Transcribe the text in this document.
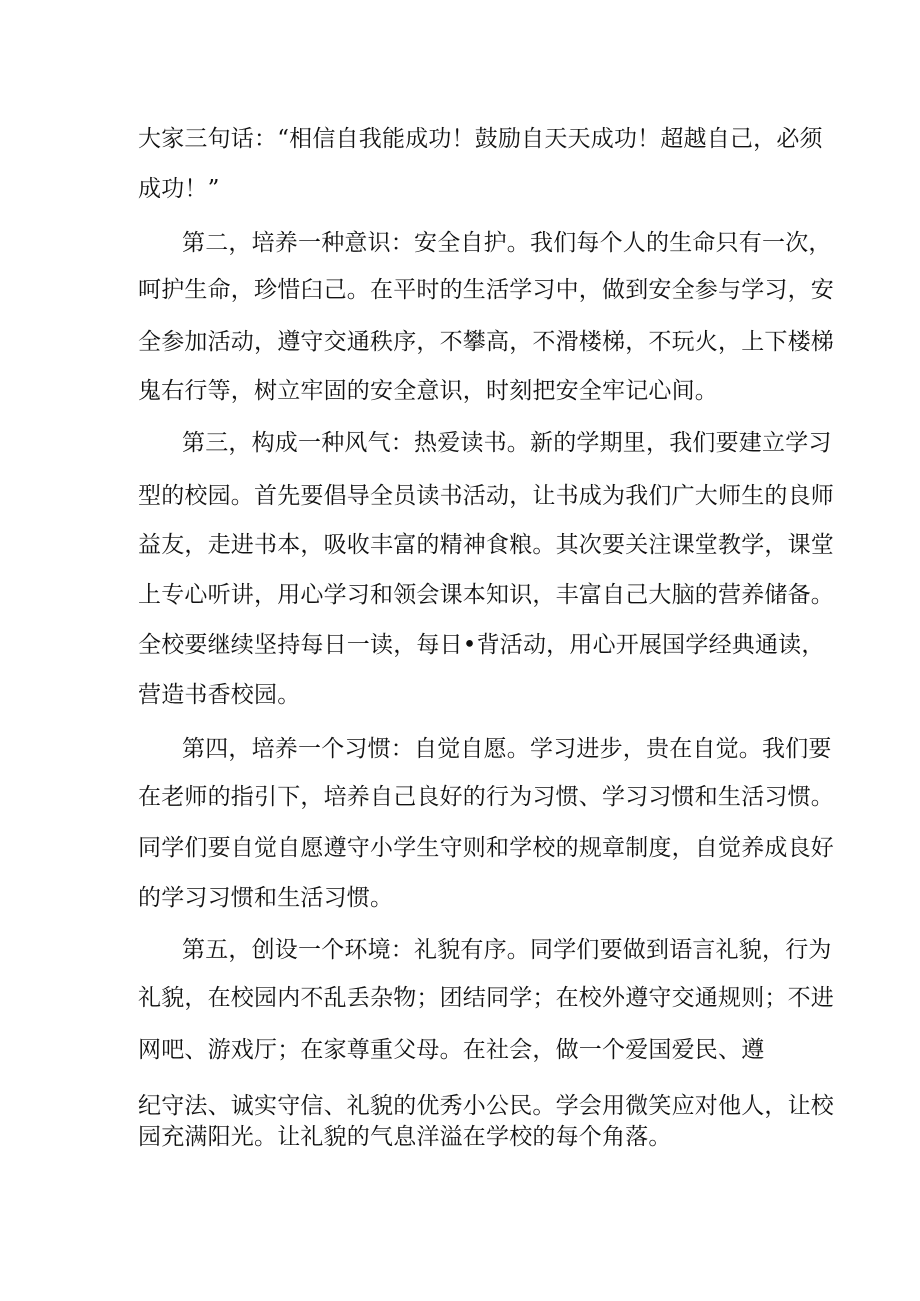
大家三句话：“相信自我能成功！鼓励自天天成功！超越自己，必须
成功！”
第二，培养一种意识：安全自护。我们每个人的生命只有一次，
呵护生命，珍惜臼己。在平时的生活学习中，做到安全参与学习，安
全参加活动，遵守交通秩序，不攀高，不滑楼梯，不玩火，上下楼梯
鬼右行等，树立牢固的安全意识，时刻把安全牢记心间。
第三，构成一种风气：热爱读书。新的学期里，我们要建立学习
型的校园。首先要倡导全员读书活动，让书成为我们广大师生的良师
益友，走进书本，吸收丰富的精神食粮。其次要关注课堂教学，课堂
上专心听讲，用心学习和领会课本知识，丰富自己大脑的营养储备。
全校要继续坚持每日一读，每日•背活动，用心开展国学经典通读，
营造书香校园。
第四，培养一个习惯：自觉自愿。学习进步，贵在自觉。我们要
在老师的指引下，培养自己良好的行为习惯、学习习惯和生活习惯。
同学们要自觉自愿遵守小学生守则和学校的规章制度，自觉养成良好
的学习习惯和生活习惯。
第五，创设一个环境：礼貌有序。同学们要做到语言礼貌，行为
礼貌，在校园内不乱丢杂物；团结同学；在校外遵守交通规则；不进
网吧、游戏厅；在家尊重父母。在社会，做一个爱国爱民、遵
纪守法、诚实守信、礼貌的优秀小公民。学会用微笑应对他人，让校
园充满阳光。让礼貌的气息洋溢在学校的每个角落。
